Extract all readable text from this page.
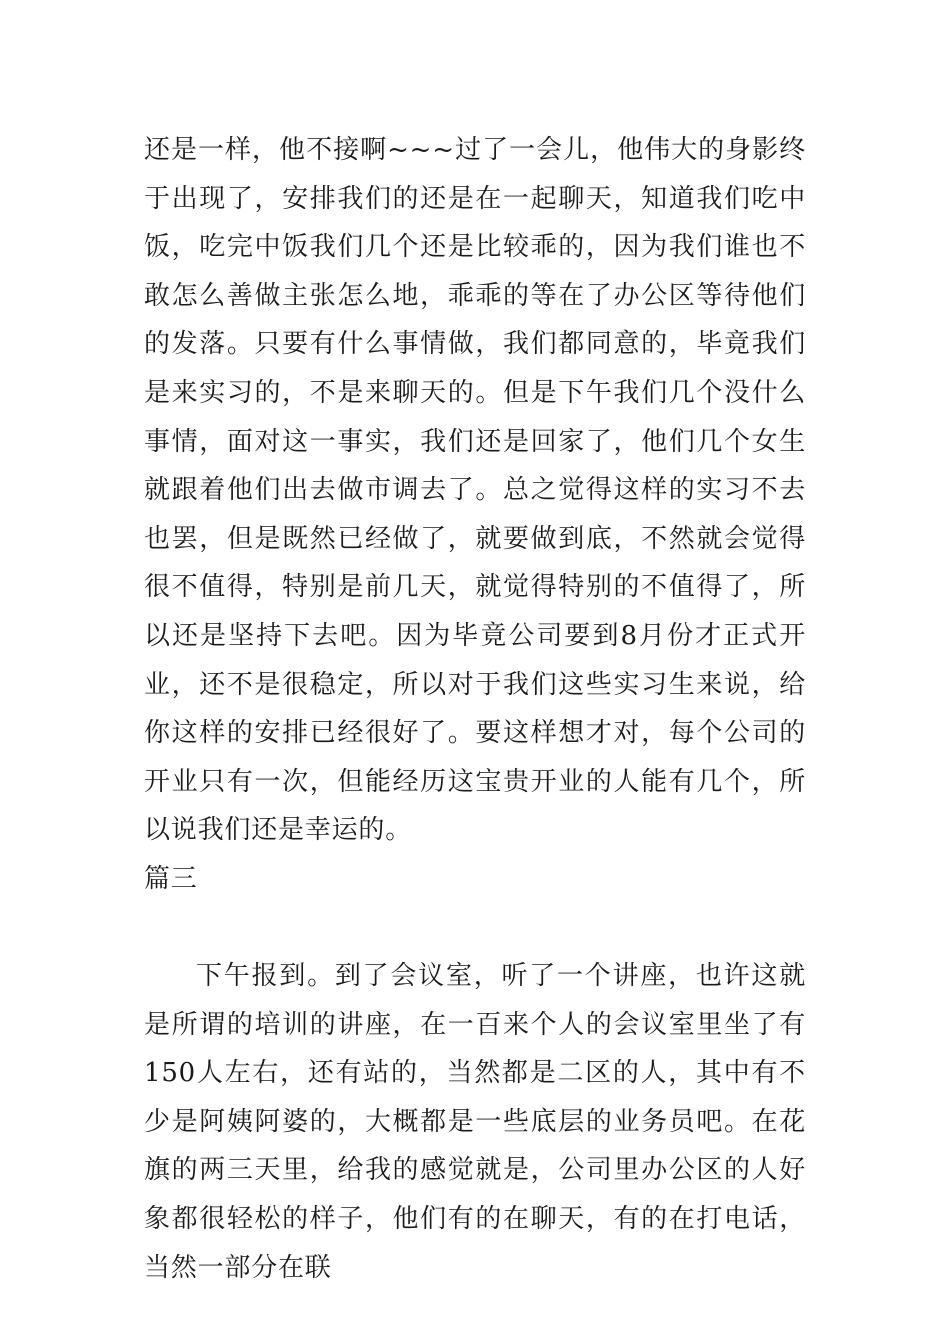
还是一样，他不接啊~~~过了一会儿，他伟大的身影终于出现了，安排我们的还是在一起聊天，知道我们吃中饭，吃完中饭我们几个还是比较乖的，因为我们谁也不敢怎么善做主张怎么地，乖乖的等在了办公区等待他们的发落。只要有什么事情做，我们都同意的，毕竟我们是来实习的，不是来聊天的。但是下午我们几个没什么事情，面对这一事实，我们还是回家了，他们几个女生就跟着他们出去做市调去了。总之觉得这样的实习不去也罢，但是既然已经做了，就要做到底，不然就会觉得很不值得，特别是前几天，就觉得特别的不值得了，所以还是坚持下去吧。因为毕竟公司要到8月份才正式开业，还不是很稳定，所以对于我们这些实习生来说，给你这样的安排已经很好了。要这样想才对，每个公司的开业只有一次，但能经历这宝贵开业的人能有几个，所以说我们还是幸运的。

篇三

下午报到。到了会议室，听了一个讲座，也许这就是所谓的培训的讲座，在一百来个人的会议室里坐了有150人左右，还有站的，当然都是二区的人，其中有不少是阿姨阿婆的，大概都是一些底层的业务员吧。在花旗的两三天里，给我的感觉就是，公司里办公区的人好象都很轻松的样子，他们有的在聊天，有的在打电话，当然一部分在联
